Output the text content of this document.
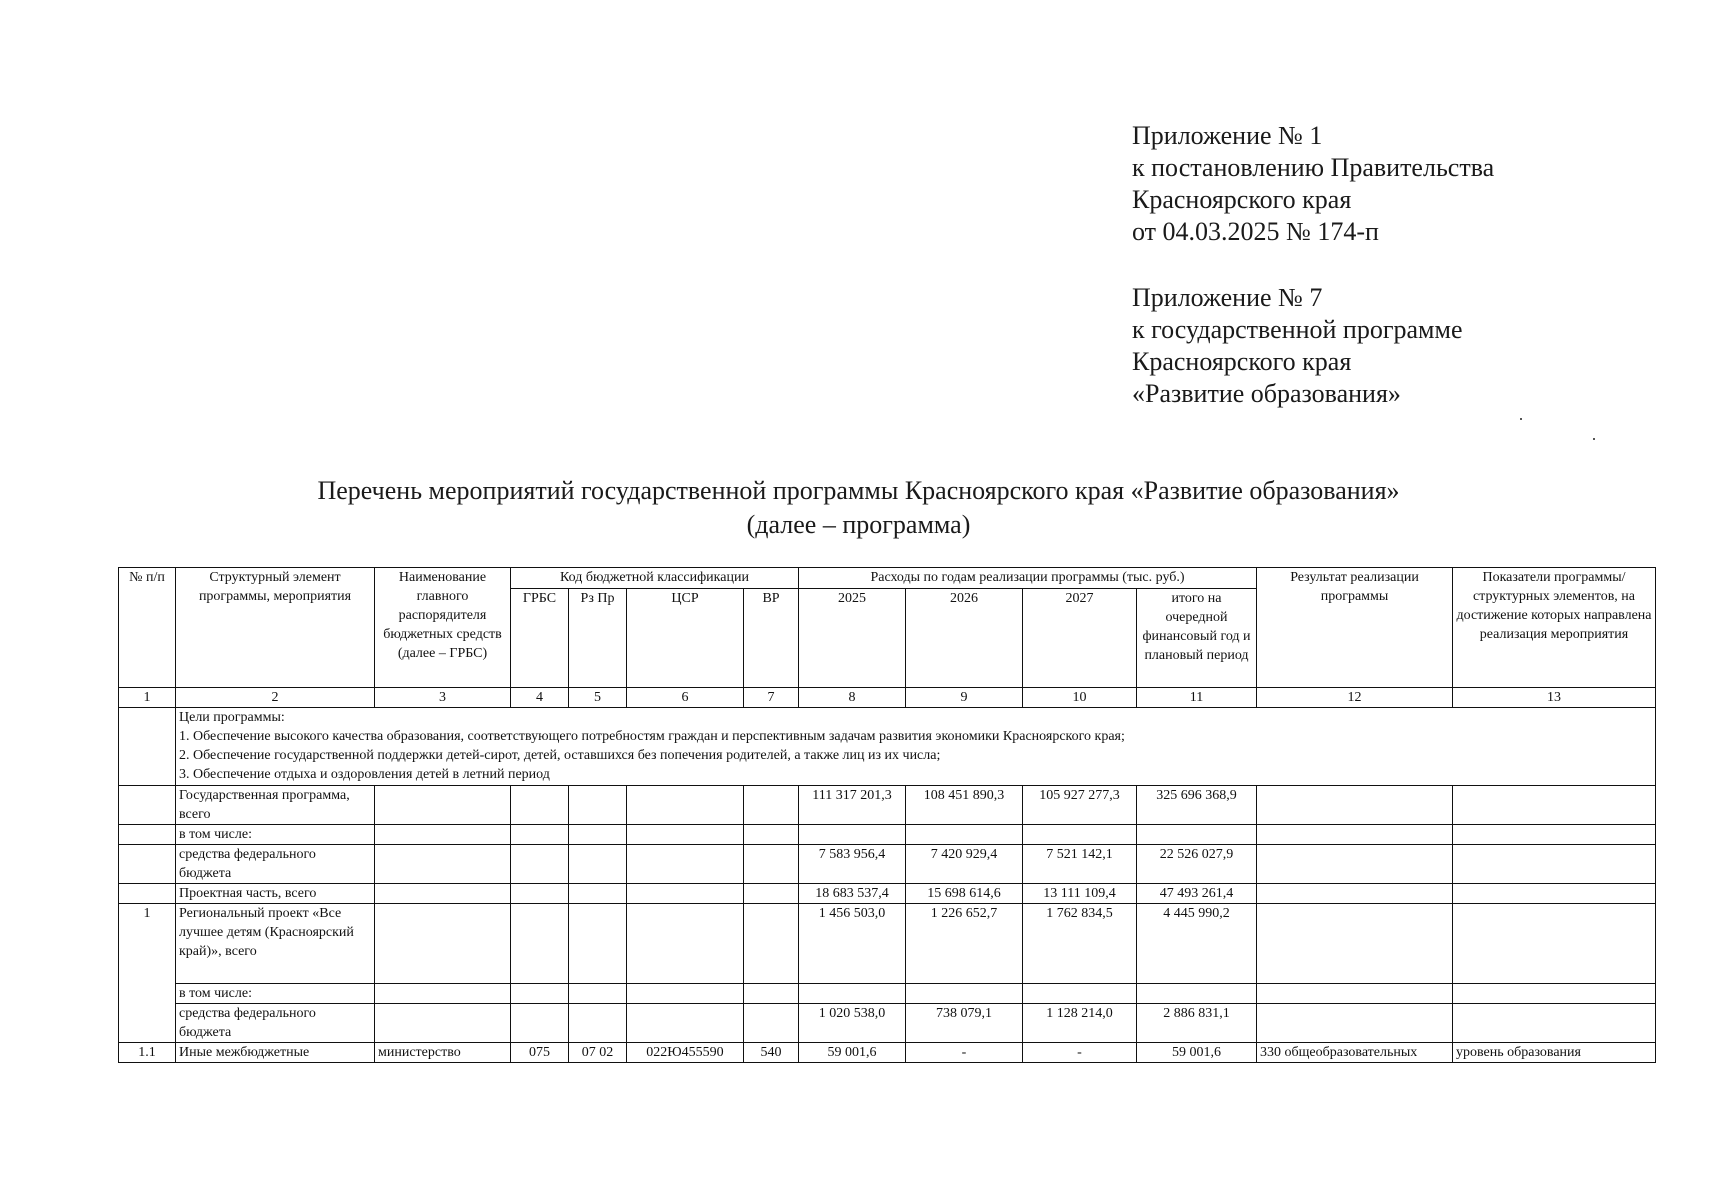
Приложение № 1
к постановлению Правительства
Красноярского края
от 04.03.2025 № 174-п
Приложение № 7
к государственной программе
Красноярского края
«Развитие образования»
Перечень мероприятий государственной программы Красноярского края «Развитие образования»
(далее – программа)
№ п/п	Структурный элемент программы, мероприятия	Наименование главного распорядителя бюджетных средств (далее – ГРБС)	Код бюджетной классификации				Расходы по годам реализации программы (тыс. руб.)				Результат реализации программы	Показатели программы/ структурных элементов, на достижение которых направлена реализация мероприятия
			ГРБС	Рз Пр	ЦСР	ВР	2025	2026	2027	итого на очередной финансовый год и плановый период		
1	2	3	4	5	6	7	8	9	10	11	12	13

	Цели программы:
1. Обеспечение высокого качества образования, соответствующего потребностям граждан и перспективным задачам развития экономики Красноярского края;
2. Обеспечение государственной поддержки детей-сирот, детей, оставшихся без попечения родителей, а также лиц из их числа;
3. Обеспечение отдыха и оздоровления детей в летний период											

	Государственная программа, всего						111 317 201,3	108 451 890,3	105 927 277,3	325 696 368,9		
	в том числе:											
	средства федерального бюджета						7 583 956,4	7 420 929,4	7 521 142,1	22 526 027,9		
	Проектная часть, всего						18 683 537,4	15 698 614,6	13 111 109,4	47 493 261,4		
1	Региональный проект «Все лучшее детям (Красноярский край)», всего						1 456 503,0	1 226 652,7	1 762 834,5	4 445 990,2		
	в том числе:											
	средства федерального бюджета						1 020 538,0	738 079,1	1 128 214,0	2 886 831,1		
1.1	Иные межбюджетные	министерство	075	07 02	022Ю455590	540	59 001,6	-	-	59 001,6	330 общеобразовательных	уровень образования
